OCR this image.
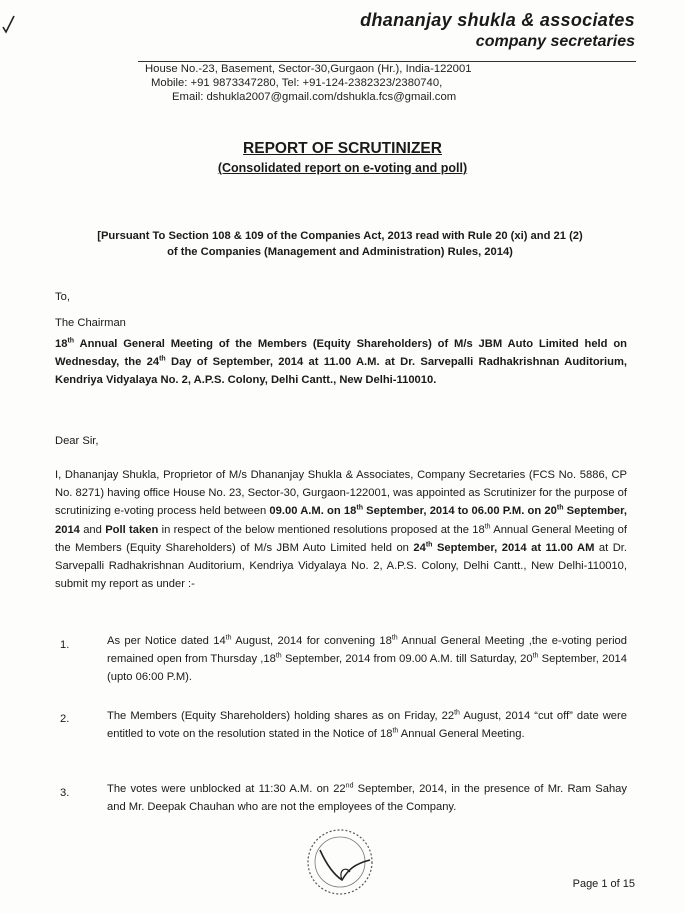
dhananjay shukla & associates
company secretaries
House No.-23, Basement, Sector-30,Gurgaon (Hr.), India-122001
Mobile: +91 9873347280, Tel: +91-124-2382323/2380740,
Email: dshukla2007@gmail.com/dshukla.fcs@gmail.com
REPORT OF SCRUTINIZER
(Consolidated report on e-voting and poll)
[Pursuant To Section 108 & 109 of the Companies Act, 2013 read with Rule 20 (xi) and 21 (2)
of the Companies (Management and Administration) Rules, 2014)
To,
The Chairman
18th Annual General Meeting of the Members (Equity Shareholders) of M/s JBM Auto Limited held on Wednesday, the 24th Day of September, 2014 at 11.00 A.M. at Dr. Sarvepalli Radhakrishnan Auditorium, Kendriya Vidyalaya No. 2, A.P.S. Colony, Delhi Cantt., New Delhi-110010.
Dear Sir,
I, Dhananjay Shukla, Proprietor of M/s Dhananjay Shukla & Associates, Company Secretaries (FCS No. 5886, CP No. 8271) having office House No. 23, Sector-30, Gurgaon-122001, was appointed as Scrutinizer for the purpose of scrutinizing e-voting process held between 09.00 A.M. on 18th September, 2014 to 06.00 P.M. on 20th September, 2014 and Poll taken in respect of the below mentioned resolutions proposed at the 18th Annual General Meeting of the Members (Equity Shareholders) of M/s JBM Auto Limited held on 24th September, 2014 at 11.00 AM at Dr. Sarvepalli Radhakrishnan Auditorium, Kendriya Vidyalaya No. 2, A.P.S. Colony, Delhi Cantt., New Delhi-110010, submit my report as under :-
1.	As per Notice dated 14th August, 2014 for convening 18th Annual General Meeting ,the e-voting period remained open from Thursday ,18th September, 2014 from 09.00 A.M. till Saturday, 20th September, 2014 (upto 06:00 P.M).
2.	The Members (Equity Shareholders) holding shares as on Friday, 22th August, 2014 “cut off” date were entitled to vote on the resolution stated in the Notice of 18th Annual General Meeting.
3.	The votes were unblocked at 11:30 A.M. on 22nd September, 2014, in the presence of Mr. Ram Sahay and Mr. Deepak Chauhan who are not the employees of the Company.
Page 1 of 15
